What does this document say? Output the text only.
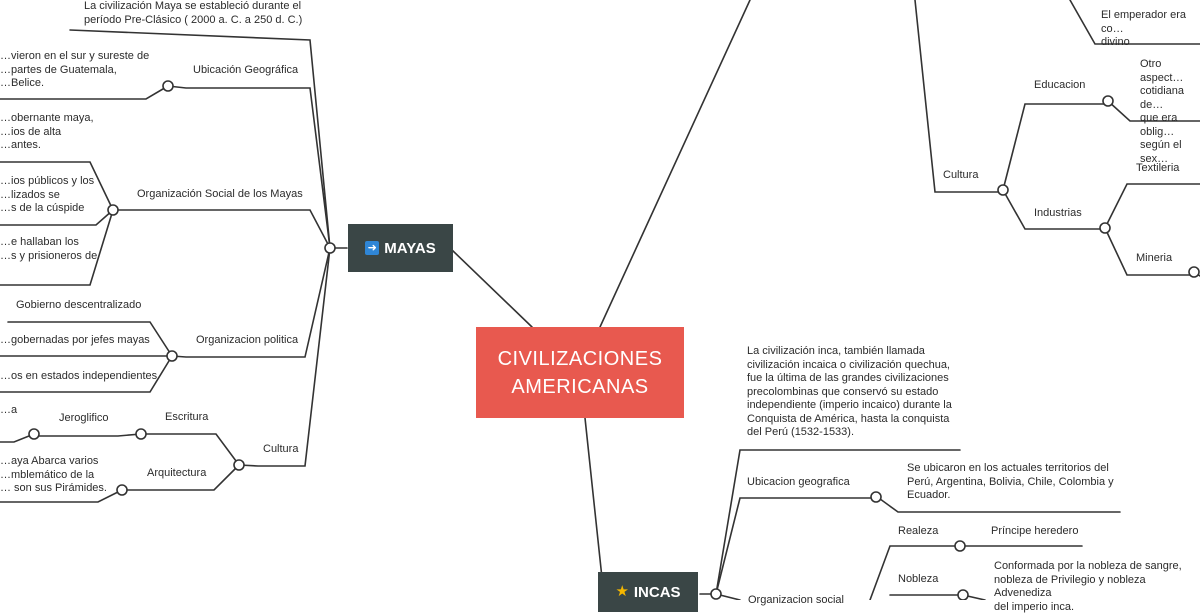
CIVILIZACIONES AMERICANAS
➜ MAYAS
★ INCAS
La civilización Maya se estableció durante el
período Pre-Clásico ( 2000 a. C. a 250 d. C.)
Ubicación Geográfica
…vieron en el sur y sureste de
…partes de Guatemala,
…Belice.
Organización Social de los Mayas
…obernante maya,
…ios de alta
…antes.
…ios públicos y los
…lizados se
…s de la cúspide
…e hallaban los
…s y prisioneros de
Organizacion politica
Gobierno descentralizado
…gobernadas por jefes mayas
…os en estados independientes
Cultura
Escritura
Jeroglifico
…a
Arquitectura
…aya Abarca varios
…mblemático de la
… son sus Pirámides.
La civilización inca, también llamada
civilización incaica o civilización quechua,
fue la última de las grandes civilizaciones
precolombinas que conservó su estado
independiente (imperio incaico) durante la
Conquista de América, hasta la conquista
del Perú (1532-1533).
Ubicacion geografica
Se ubicaron en los actuales territorios del
Perú, Argentina, Bolivia, Chile, Colombia y
Ecuador.
Organizacion social
Realeza	Príncipe heredero
Nobleza
Conformada por la nobleza de sangre,
nobleza de Privilegio y nobleza Advenediza
del imperio inca.
El emperador era co…
divino
Cultura
Educacion
Otro aspect…
cotidiana de…
que era oblig…
según el sex…
Industrias
Textileria
Mineria
